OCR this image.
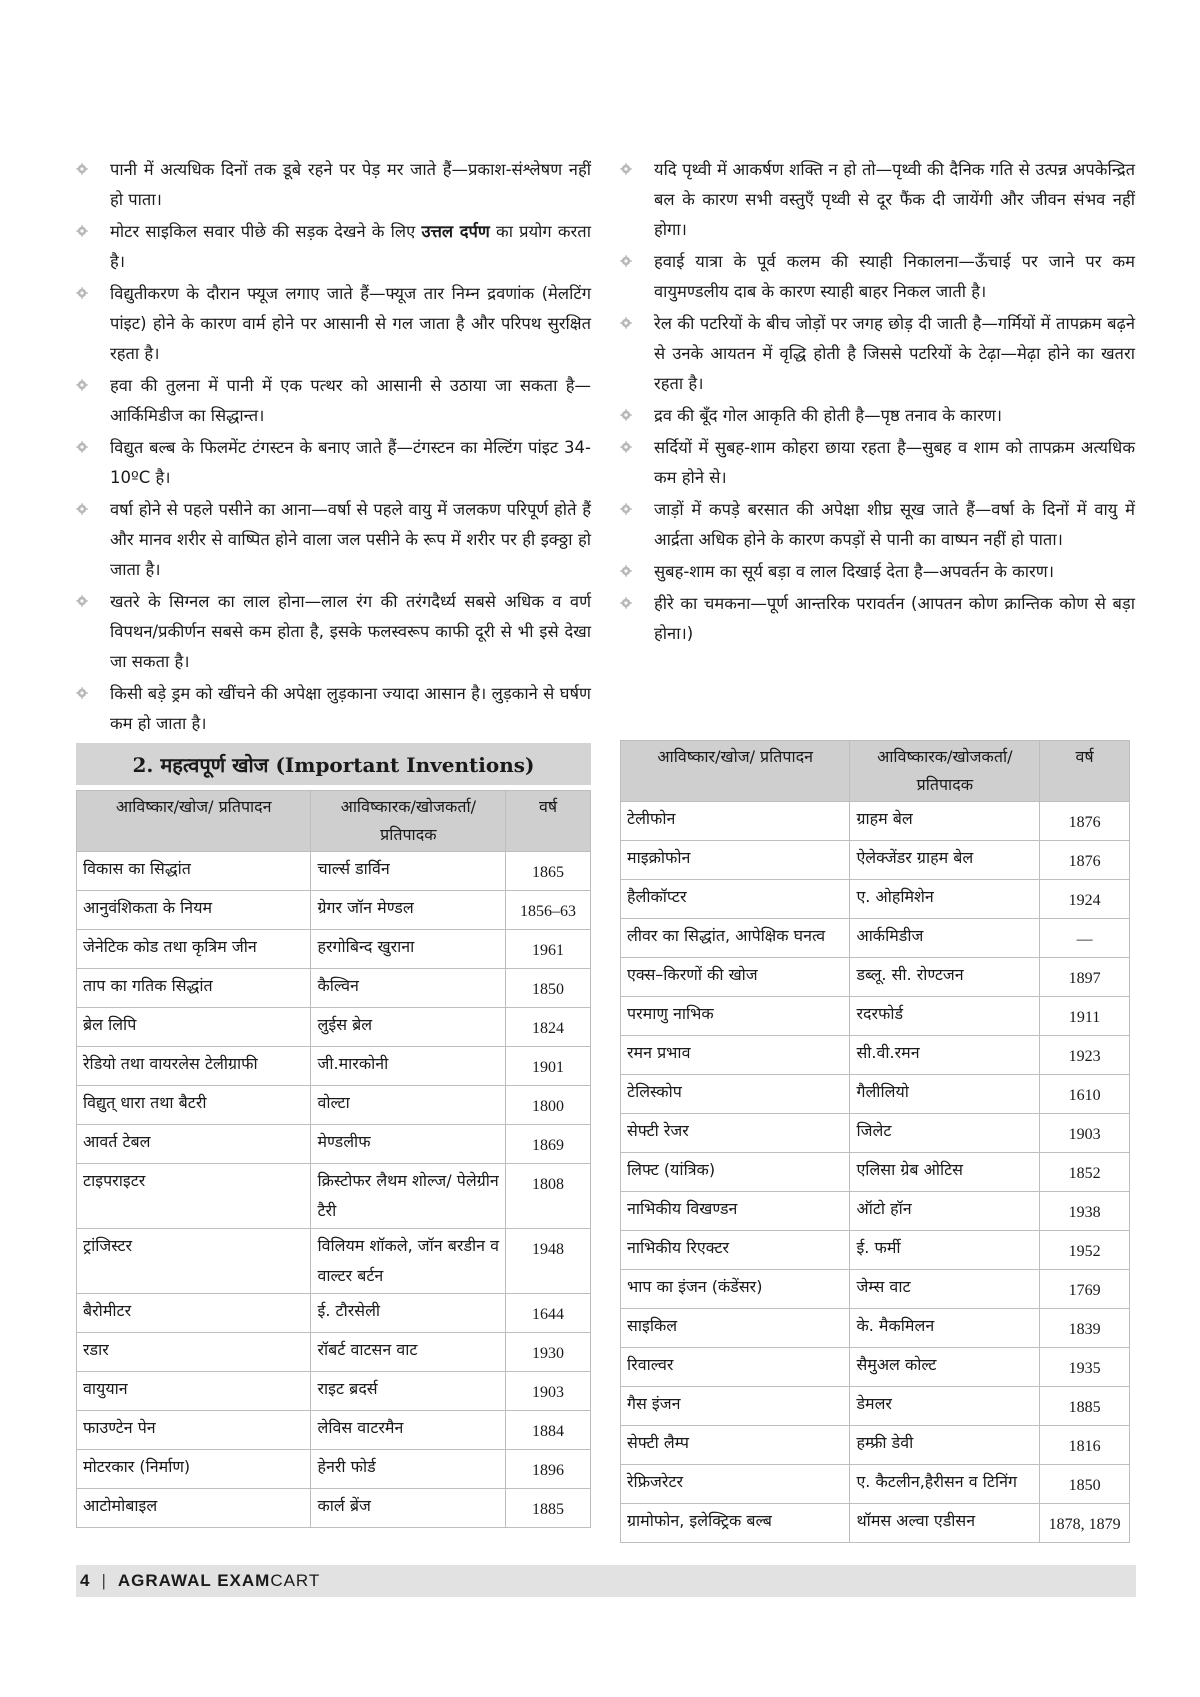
पानी में अत्यधिक दिनों तक डूबे रहने पर पेड़ मर जाते हैं—प्रकाश-संश्लेषण नहीं हो पाता।
मोटर साइकिल सवार पीछे की सड़क देखने के लिए उत्तल दर्पण का प्रयोग करता है।
विद्युतीकरण के दौरान फ्यूज लगाए जाते हैं—फ्यूज तार निम्न द्रवणांक (मेलटिंग पांइट) होने के कारण वार्म होने पर आसानी से गल जाता है और परिपथ सुरक्षित रहता है।
हवा की तुलना में पानी में एक पत्थर को आसानी से उठाया जा सकता है—आर्किमिडीज का सिद्धान्त।
विद्युत बल्ब के फिलमेंट टंगस्टन के बनाए जाते हैं—टंगस्टन का मेल्टिंग पांइट 34-10ºC है।
वर्षा होने से पहले पसीने का आना—वर्षा से पहले वायु में जलकण परिपूर्ण होते हैं और मानव शरीर से वाष्पित होने वाला जल पसीने के रूप में शरीर पर ही इक्ठ्ठा हो जाता है।
खतरे के सिग्नल का लाल होना—लाल रंग की तरंगदैर्ध्य सबसे अधिक व वर्ण विपथन/प्रकीर्णन सबसे कम होता है, इसके फलस्वरूप काफी दूरी से भी इसे देखा जा सकता है।
किसी बड़े ड्रम को खींचने की अपेक्षा लुड़काना ज्यादा आसान है। लुड़काने से घर्षण कम हो जाता है।
यदि पृथ्वी में आकर्षण शक्ति न हो तो—पृथ्वी की दैनिक गति से उत्पन्न अपकेन्द्रित बल के कारण सभी वस्तुएँ पृथ्वी से दूर फैंक दी जायेंगी और जीवन संभव नहीं होगा।
हवाई यात्रा के पूर्व कलम की स्याही निकालना—ऊँचाई पर जाने पर कम वायुमण्डलीय दाब के कारण स्याही बाहर निकल जाती है।
रेल की पटरियों के बीच जोड़ों पर जगह छोड़ दी जाती है—गर्मियों में तापक्रम बढ़ने से उनके आयतन में वृद्धि होती है जिससे पटरियों के टेढ़ा—मेढ़ा होने का खतरा रहता है।
द्रव की बूँद गोल आकृति की होती है—पृष्ठ तनाव के कारण।
सर्दियों में सुबह-शाम कोहरा छाया रहता है—सुबह व शाम को तापक्रम अत्यधिक कम होने से।
जाड़ों में कपड़े बरसात की अपेक्षा शीघ्र सूख जाते हैं—वर्षा के दिनों में वायु में आर्द्रता अधिक होने के कारण कपड़ों से पानी का वाष्पन नहीं हो पाता।
सुबह-शाम का सूर्य बड़ा व लाल दिखाई देता है—अपवर्तन के कारण।
हीरे का चमकना—पूर्ण आन्तरिक परावर्तन (आपतन कोण क्रान्तिक कोण से बड़ा होना।)
2. महत्वपूर्ण खोज (Important Inventions)
आविष्कार/खोज/ प्रतिपादन	आविष्कारक/खोजकर्ता/ प्रतिपादक	वर्ष
विकास का सिद्धांत	चार्ल्स डार्विन	1865
आनुवंशिकता के नियम	ग्रेगर जॉन मेण्डल	1856–63
जेनेटिक कोड तथा कृत्रिम जीन	हरगोबिन्द खुराना	1961
ताप का गतिक सिद्धांत	कैल्विन	1850
ब्रेल लिपि	लुईस ब्रेल	1824
रेडियो तथा वायरलेस टेलीग्राफी	जी.मारकोनी	1901
विद्युत् धारा तथा बैटरी	वोल्टा	1800
आवर्त टेबल	मेण्डलीफ	1869
टाइपराइटर	क्रिस्टोफर लैथम शोल्ज/ पेलेग्रीन टैरी	1808
ट्रांजिस्टर	विलियम शॉकले, जॉन बरडीन व वाल्टर बर्टन	1948
बैरोमीटर	ई. टौरसेली	1644
रडार	रॉबर्ट वाटसन वाट	1930
वायुयान	राइट ब्रदर्स	1903
फाउण्टेन पेन	लेविस वाटरमैन	1884
मोटरकार (निर्माण)	हेनरी फोर्ड	1896
आटोमोबाइल	कार्ल ब्रेंज	1885
आविष्कार/खोज/ प्रतिपादन	आविष्कारक/खोजकर्ता/ प्रतिपादक	वर्ष
टेलीफोन	ग्राहम बेल	1876
माइक्रोफोन	ऐलेक्जेंडर ग्राहम बेल	1876
हैलीकॉप्टर	ए. ओहमिशेन	1924
लीवर का सिद्धांत, आपेक्षिक घनत्व	आर्कमिडीज	––
एक्स–किरणों की खोज	डब्लू. सी. रोण्टजन	1897
परमाणु नाभिक	रदरफोर्ड	1911
रमन प्रभाव	सी.वी.रमन	1923
टेलिस्कोप	गैलीलियो	1610
सेफ्टी रेजर	जिलेट	1903
लिफ्ट (यांत्रिक)	एलिसा ग्रेब ओटिस	1852
नाभिकीय विखण्डन	ऑटो हॉन	1938
नाभिकीय रिएक्टर	ई. फर्मी	1952
भाप का इंजन (कंडेंसर)	जेम्स वाट	1769
साइकिल	के. मैकमिलन	1839
रिवाल्वर	सैमुअल कोल्ट	1935
गैस इंजन	डेमलर	1885
सेफ्टी लैम्प	हम्फ्री डेवी	1816
रेफ्रिजरेटर	ए. कैटलीन,हैरीसन व टिनिंग	1850
ग्रामोफोन, इलेक्ट्रिक बल्ब	थॉमस अल्वा एडीसन	1878, 1879
4 | AGRAWAL EXAMCART
